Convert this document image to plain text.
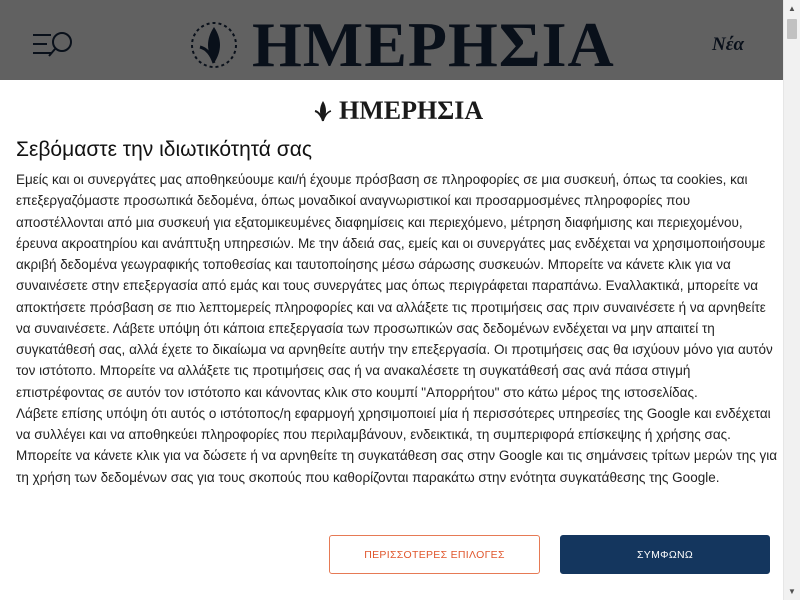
ΗΜΕΡΗΣΙΑ
Σεβόμαστε την ιδιωτικότητά σας

Εμείς και οι συνεργάτες μας αποθηκεύουμε και/ή έχουμε πρόσβαση σε πληροφορίες σε μια συσκευή, όπως τα cookies, και επεξεργαζόμαστε προσωπικά δεδομένα, όπως μοναδικοί αναγνωριστικοί και προσαρμοσμένες πληροφορίες που αποστέλλονται από μια συσκευή για εξατομικευμένες διαφημίσεις και περιεχόμενο, μέτρηση διαφήμισης και περιεχομένου, έρευνα ακροατηρίου και ανάπτυξη υπηρεσιών. Με την άδειά σας, εμείς και οι συνεργάτες μας ενδέχεται να χρησιμοποιήσουμε ακριβή δεδομένα γεωγραφικής τοποθεσίας και ταυτοποίησης μέσω σάρωσης συσκευών. Μπορείτε να κάνετε κλικ για να συναινέσετε στην επεξεργασία από εμάς και τους συνεργάτες μας όπως περιγράφεται παραπάνω. Εναλλακτικά, μπορείτε να αποκτήσετε πρόσβαση σε πιο λεπτομερείς πληροφορίες και να αλλάξετε τις προτιμήσεις σας πριν συναινέσετε ή να αρνηθείτε να συναινέσετε. Λάβετε υπόψη ότι κάποια επεξεργασία των προσωπικών σας δεδομένων ενδέχεται να μην απαιτεί τη συγκατάθεσή σας, αλλά έχετε το δικαίωμα να αρνηθείτε αυτήν την επεξεργασία. Οι προτιμήσεις σας θα ισχύουν μόνο για αυτόν τον ιστότοπο. Μπορείτε να αλλάξετε τις προτιμήσεις σας ή να ανακαλέσετε τη συγκατάθεσή σας ανά πάσα στιγμή επιστρέφοντας σε αυτόν τον ιστότοπο και κάνοντας κλικ στο κουμπί "Απορρήτου" στο κάτω μέρος της ιστοσελίδας.

Λάβετε επίσης υπόψη ότι αυτός ο ιστότοπος/η εφαρμογή χρησιμοποιεί μία ή περισσότερες υπηρεσίες της Google και ενδέχεται να συλλέγει και να αποθηκεύει πληροφορίες που περιλαμβάνουν, ενδεικτικά, τη συμπεριφορά επίσκεψης ή χρήσης σας. Μπορείτε να κάνετε κλικ για να δώσετε ή να αρνηθείτε τη συγκατάθεση σας στην Google και τις σημάνσεις τρίτων μερών της για τη χρήση των δεδομένων σας για τους σκοπούς που καθορίζονται παρακάτω στην ενότητα συγκατάθεσης της Google.

ΠΕΡΙΣΣΟΤΕΡΕΣ ΕΠΙΛΟΓΕΣ	ΣΥΜΦΩΝΩ
▲
▼
